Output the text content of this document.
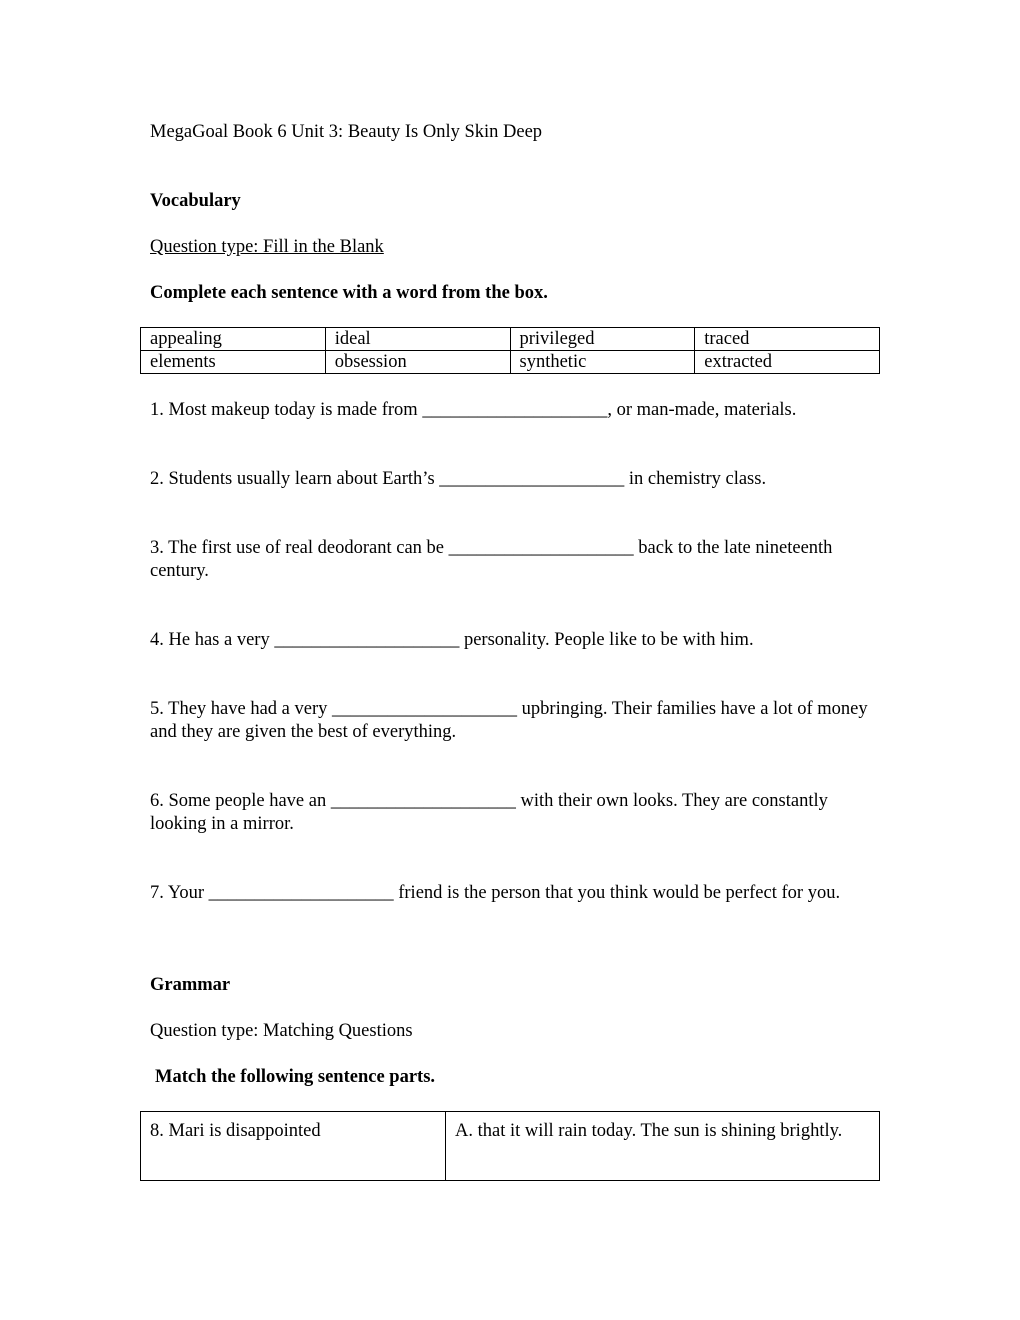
MegaGoal Book 6 Unit 3: Beauty Is Only Skin Deep
Vocabulary
Question type: Fill in the Blank
Complete each sentence with a word from the box.
appealing	ideal	privileged	traced
elements	obsession	synthetic	extracted
1. Most makeup today is made from ____________________, or man-made, materials.
2. Students usually learn about Earth’s ____________________ in chemistry class.
3. The first use of real deodorant can be ____________________ back to the late nineteenth century.
4. He has a very ____________________ personality. People like to be with him.
5. They have had a very ____________________ upbringing. Their families have a lot of money and they are given the best of everything.
6. Some people have an ____________________ with their own looks. They are constantly looking in a mirror.
7. Your ____________________ friend is the person that you think would be perfect for you.
Grammar
Question type: Matching Questions
Match the following sentence parts.
8. Mari is disappointed	A. that it will rain today. The sun is shining brightly.
